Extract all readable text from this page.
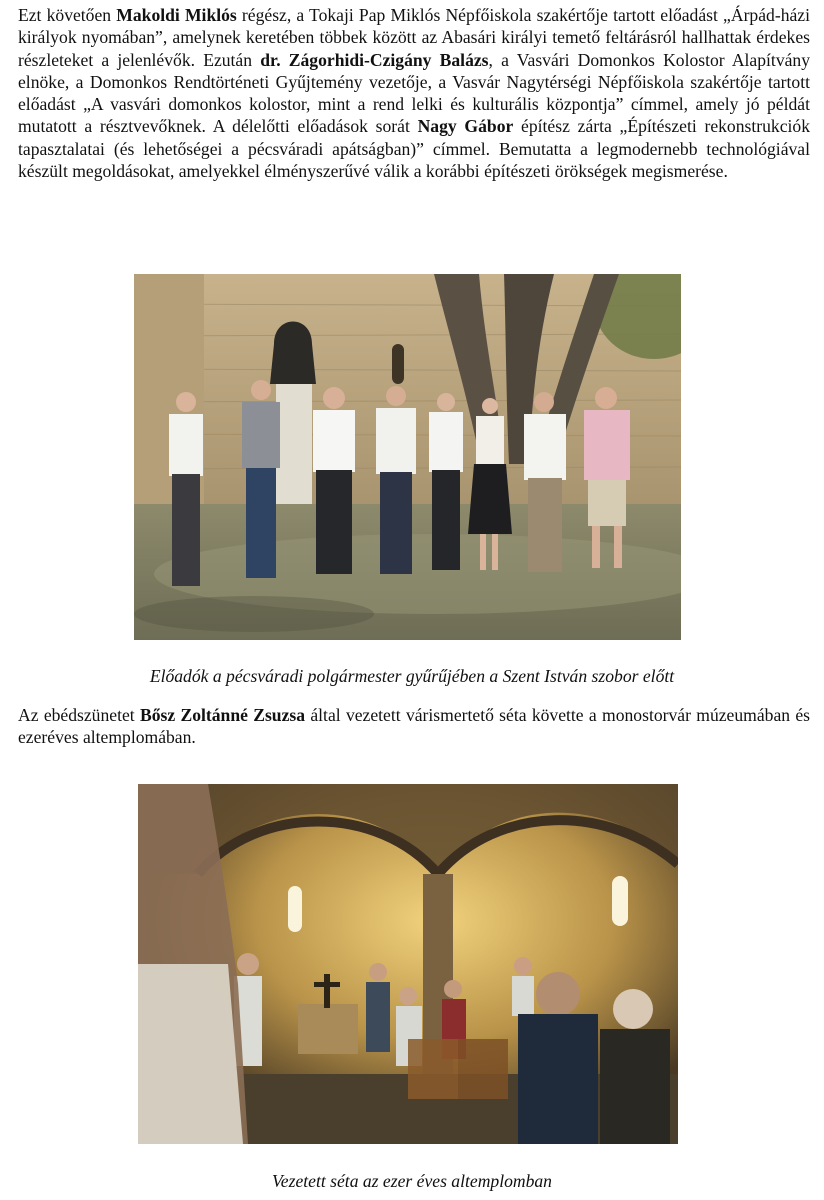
Ezt követően Makoldi Miklós régész, a Tokaji Pap Miklós Népfőiskola szakértője tartott előadást „Árpád-házi királyok nyomában”, amelynek keretében többek között az Abasári királyi temető feltárásról hallhattak érdekes részleteket a jelenlévők. Ezután dr. Zágorhidi-Czigány Balázs, a Vasvári Domonkos Kolostor Alapítvány elnöke, a Domonkos Rendtörténeti Gyűjtemény vezetője, a Vasvár Nagytérségi Népfőiskola szakértője tartott előadást „A vasvári domonkos kolostor, mint a rend lelki és kulturális központja” címmel, amely jó példát mutatott a résztvevőknek. A délelőtti előadások sorát Nagy Gábor építész zárta „Építészeti rekonstrukciók tapasztalatai (és lehetőségei a pécsváradi apátságban)” címmel. Bemutatta a legmodernebb technológiával készült megoldásokat, amelyekkel élményszerűvé válik a korábbi építészeti örökségek megismerése.

Előadók a pécsváradi polgármester gyűrűjében a Szent István szobor előtt

Az ebédszünetet Bősz Zoltánné Zsuzsa által vezetett várismertető séta követte a monostorvár múzeumában és ezeréves altemplomában.

Vezetett séta az ezer éves altemplomban
